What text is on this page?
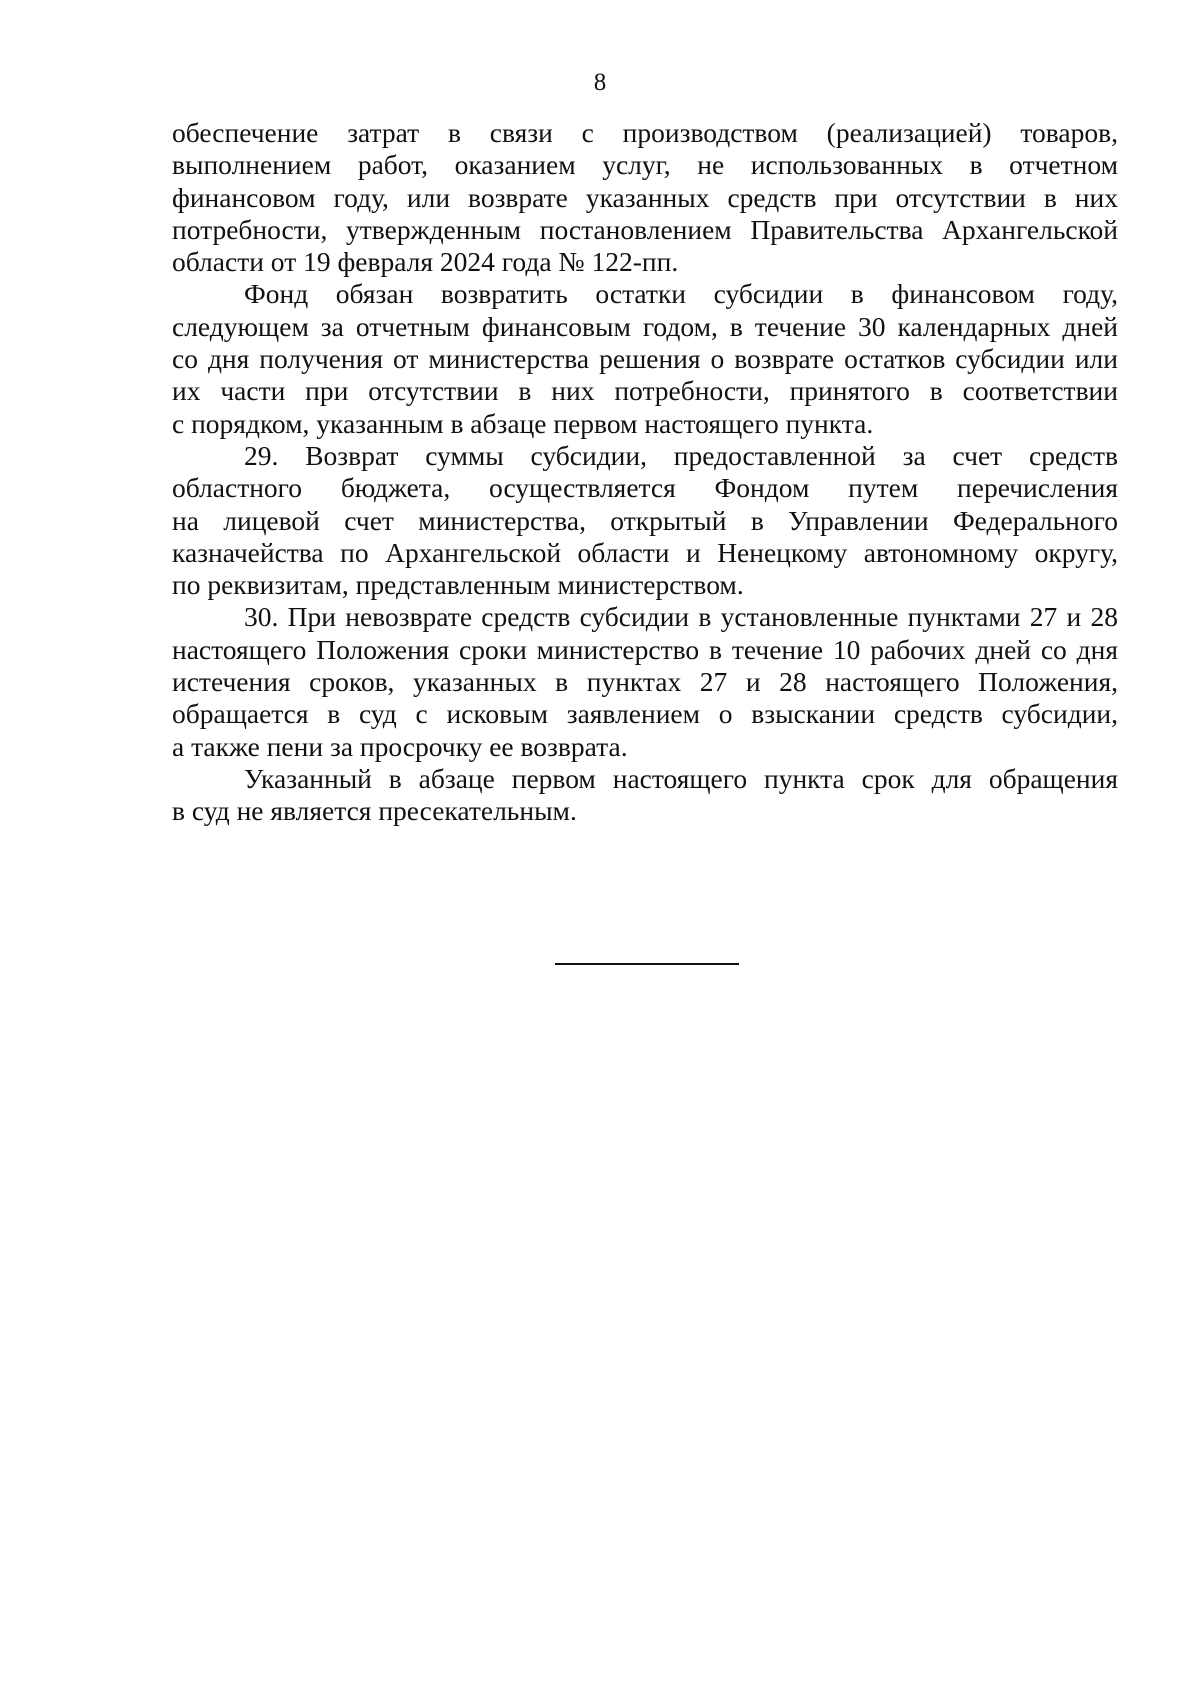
8
обеспечение затрат в связи с производством (реализацией) товаров,
выполнением работ, оказанием услуг, не использованных в отчетном
финансовом году, или возврате указанных средств при отсутствии в них
потребности, утвержденным постановлением Правительства Архангельской
области от 19 февраля 2024 года № 122-пп.
Фонд обязан возвратить остатки субсидии в финансовом году,
следующем за отчетным финансовым годом, в течение 30 календарных дней
со дня получения от министерства решения о возврате остатков субсидии или
их части при отсутствии в них потребности, принятого в соответствии
с порядком, указанным в абзаце первом настоящего пункта.
29. Возврат суммы субсидии, предоставленной за счет средств
областного бюджета, осуществляется Фондом путем перечисления
на лицевой счет министерства, открытый в Управлении Федерального
казначейства по Архангельской области и Ненецкому автономному округу,
по реквизитам, представленным министерством.
30. При невозврате средств субсидии в установленные пунктами 27 и 28
настоящего Положения сроки министерство в течение 10 рабочих дней со дня
истечения сроков, указанных в пунктах 27 и 28 настоящего Положения,
обращается в суд с исковым заявлением о взыскании средств субсидии,
а также пени за просрочку ее возврата.
Указанный в абзаце первом настоящего пункта срок для обращения
в суд не является пресекательным.
